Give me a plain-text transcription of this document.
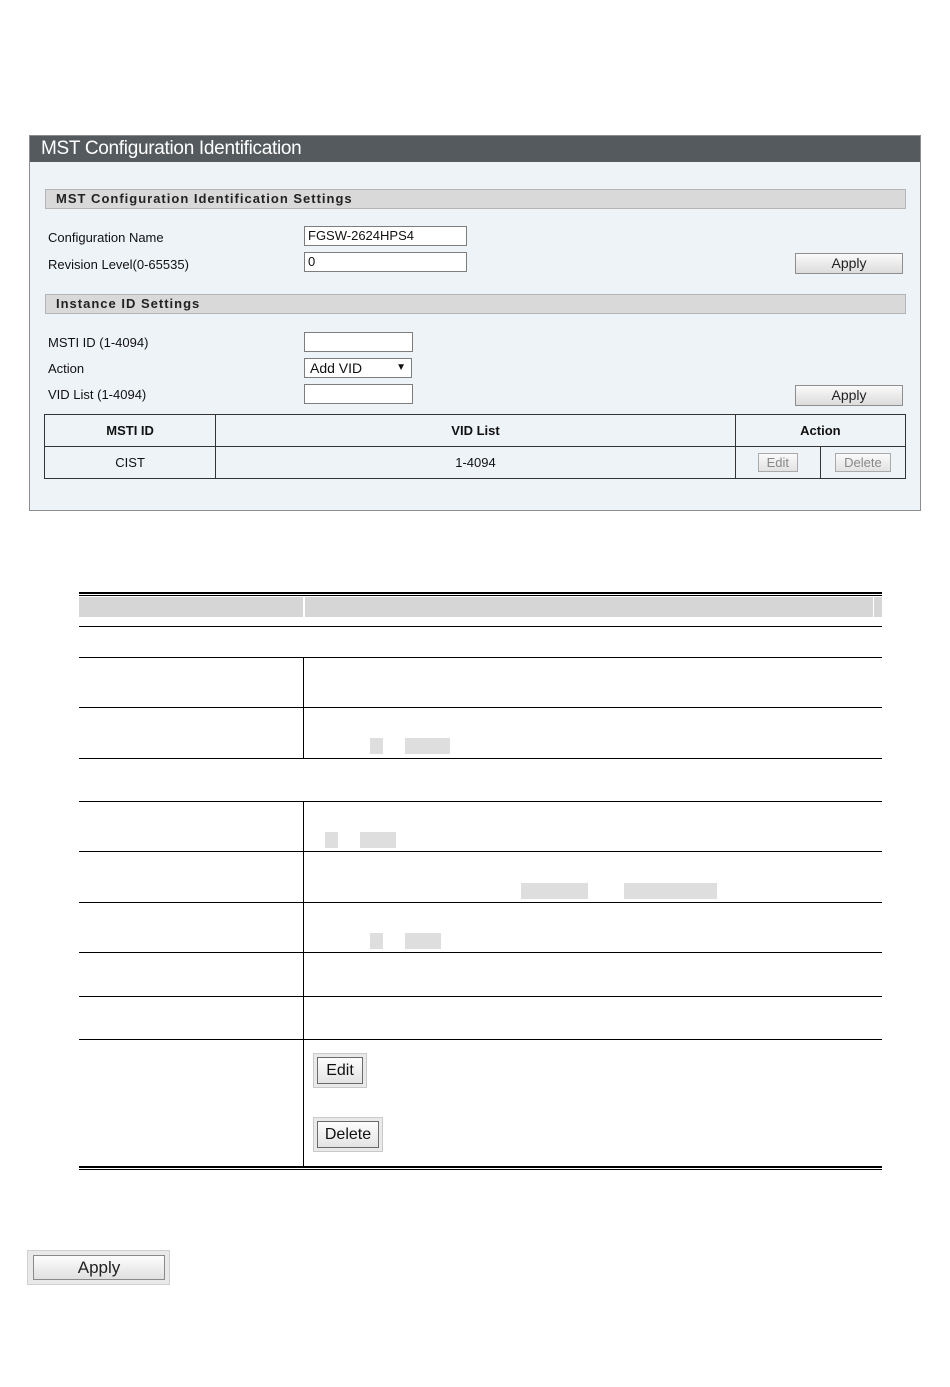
MST Configuration Identification
MST Configuration Identification Settings
Configuration Name	FGSW-2624HPS4
Revision Level(0-65535)	0	Apply
Instance ID Settings
MSTI ID (1-4094)
Action	Add VID	▼
VID List (1-4094)	Apply
MSTI ID	VID List	Action	
CIST	1-4094	Edit	Delete
Edit
Delete
Apply
